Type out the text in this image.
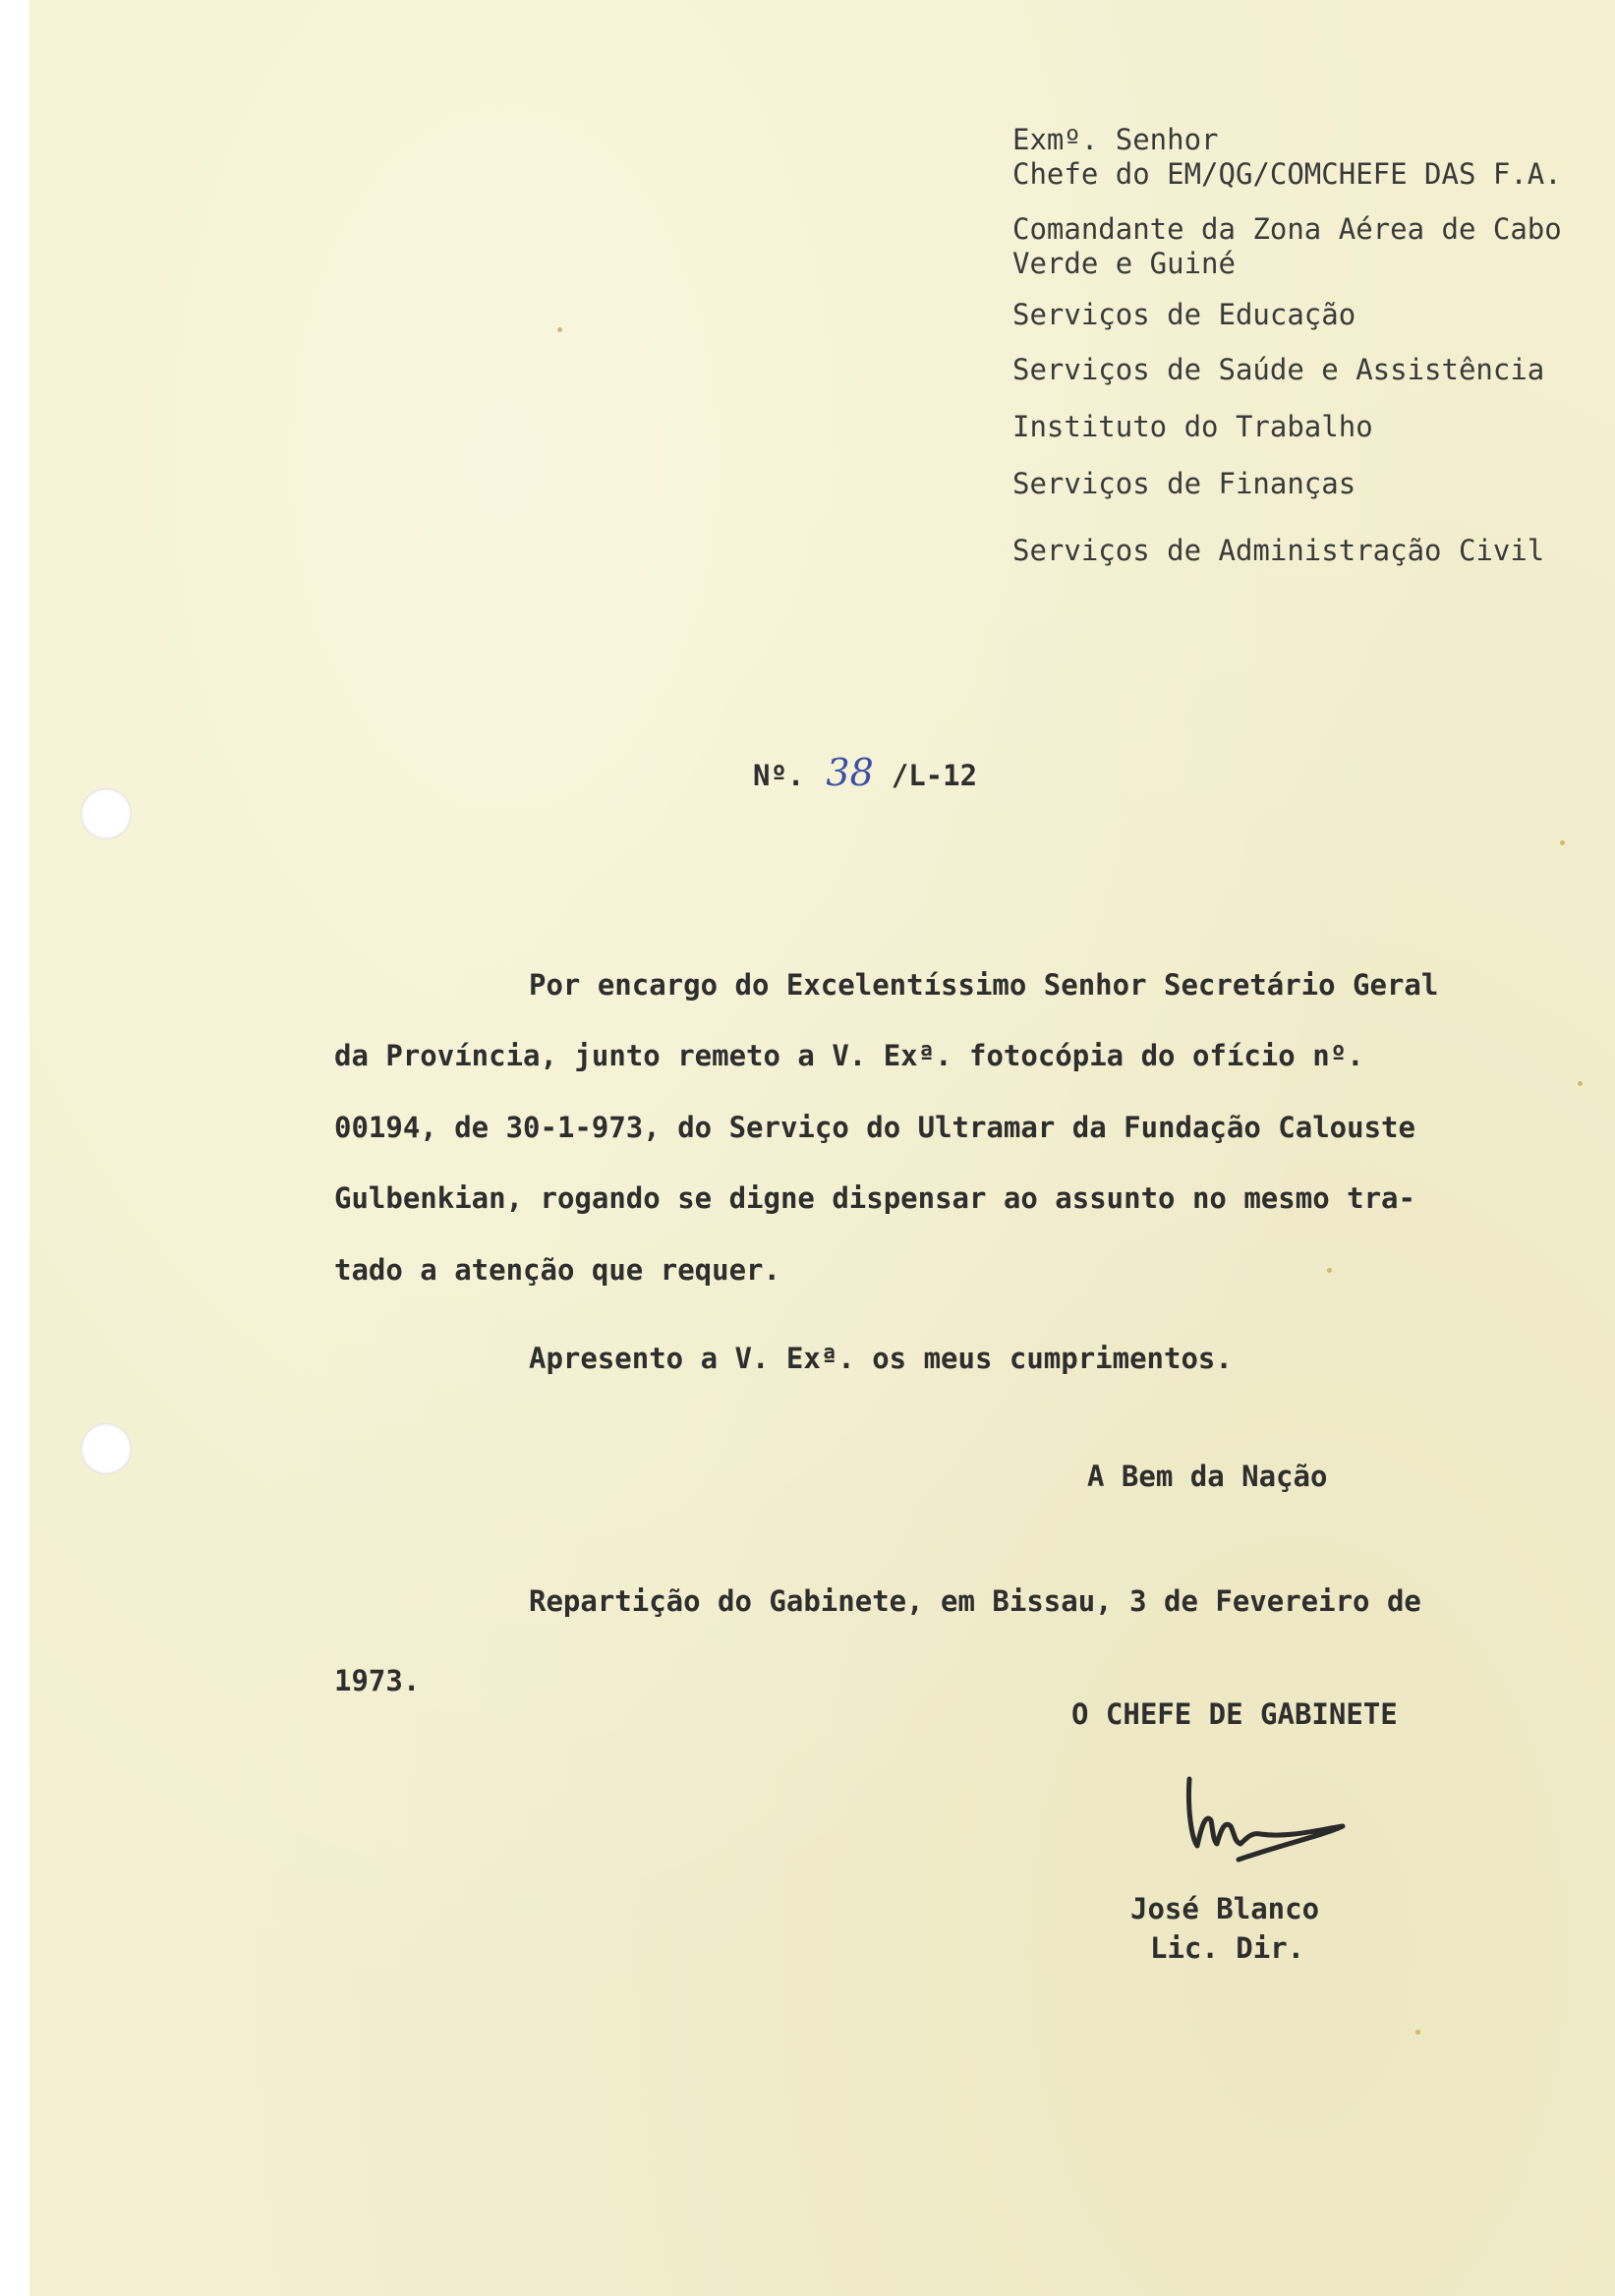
Exmº. Senhor
Chefe do EM/QG/COMCHEFE DAS F.A.
Comandante da Zona Aérea de Cabo
Verde e Guiné
Serviços de Educação
Serviços de Saúde e Assistência
Instituto do Trabalho
Serviços de Finanças
Serviços de Administração Civil
Nº. 38 /L-12
Por encargo do Excelentíssimo Senhor Secretário Geral
da Província, junto remeto a V. Exª. fotocópia do ofício nº.
00194, de 30-1-973, do Serviço do Ultramar da Fundação Calouste
Gulbenkian, rogando se digne dispensar ao assunto no mesmo tra-
tado a atenção que requer.
Apresento a V. Exª. os meus cumprimentos.
A Bem da Nação
Repartição do Gabinete, em Bissau, 3 de Fevereiro de
1973.
O CHEFE DE GABINETE
José Blanco
Lic. Dir.
